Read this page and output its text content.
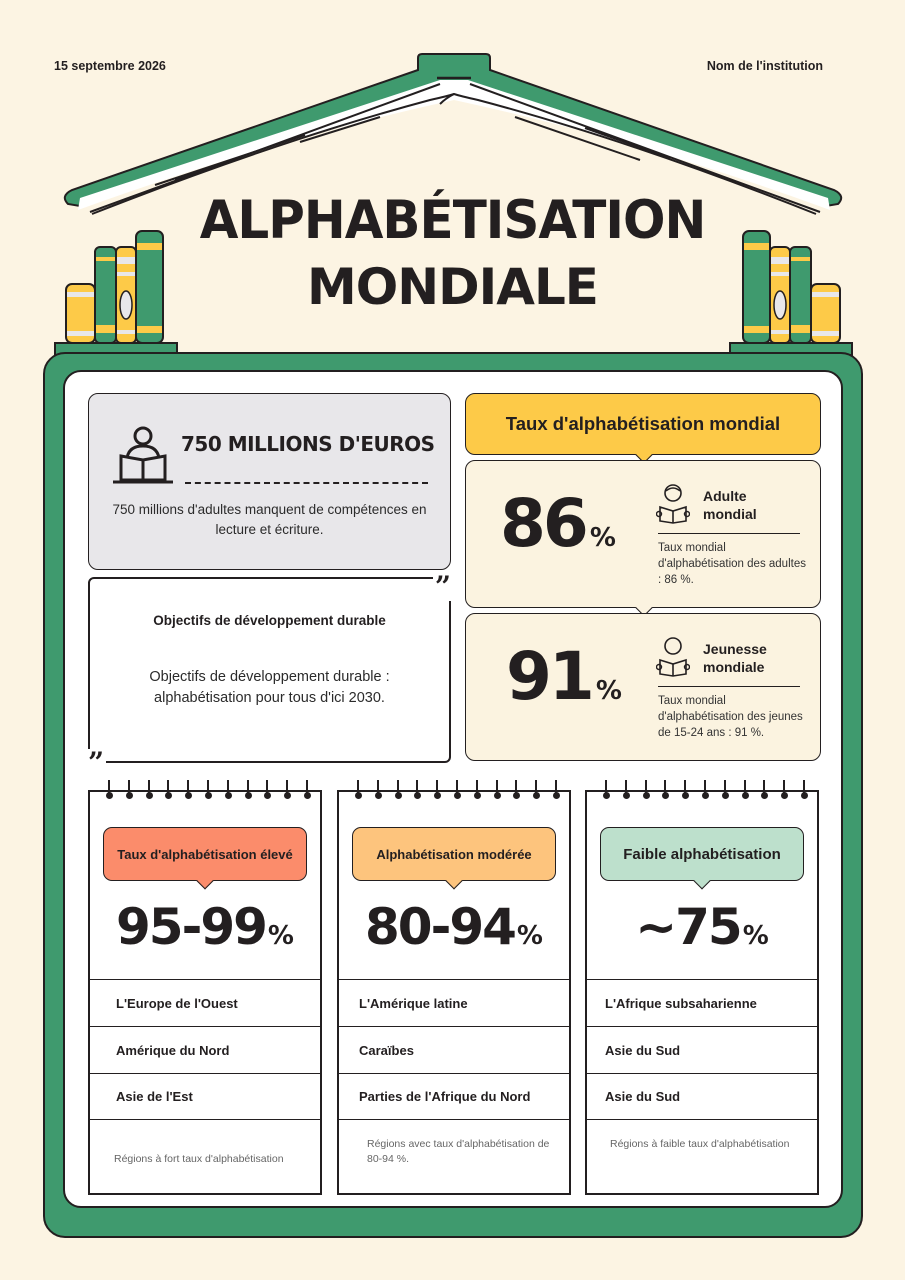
15 septembre 2026	Nom de l'institution
ALPHABÉTISATION
MONDIALE
750 MILLIONS D'EUROS
750 millions d'adultes manquent de compétences en lecture et écriture.
”
”
Objectifs de développement durable
Objectifs de développement durable : alphabétisation pour tous d'ici 2030.
Taux d'alphabétisation mondial
86 %
Adulte
mondial
Taux mondial d'alphabétisation des adultes : 86 %.
91 %
Jeunesse
mondiale
Taux mondial d'alphabétisation des jeunes de 15-24 ans : 91 %.
Taux d'alphabétisation élevé
95-99%
L'Europe de l'Ouest
Amérique du Nord
Asie de l'Est
Régions à fort taux d'alphabétisation
Alphabétisation modérée
80-94%
L'Amérique latine
Caraïbes
Parties de l'Afrique du Nord
Régions avec taux d'alphabétisation de 80-94 %.
Faible alphabétisation
~75%
L'Afrique subsaharienne
Asie du Sud
Asie du Sud
Régions à faible taux d'alphabétisation
